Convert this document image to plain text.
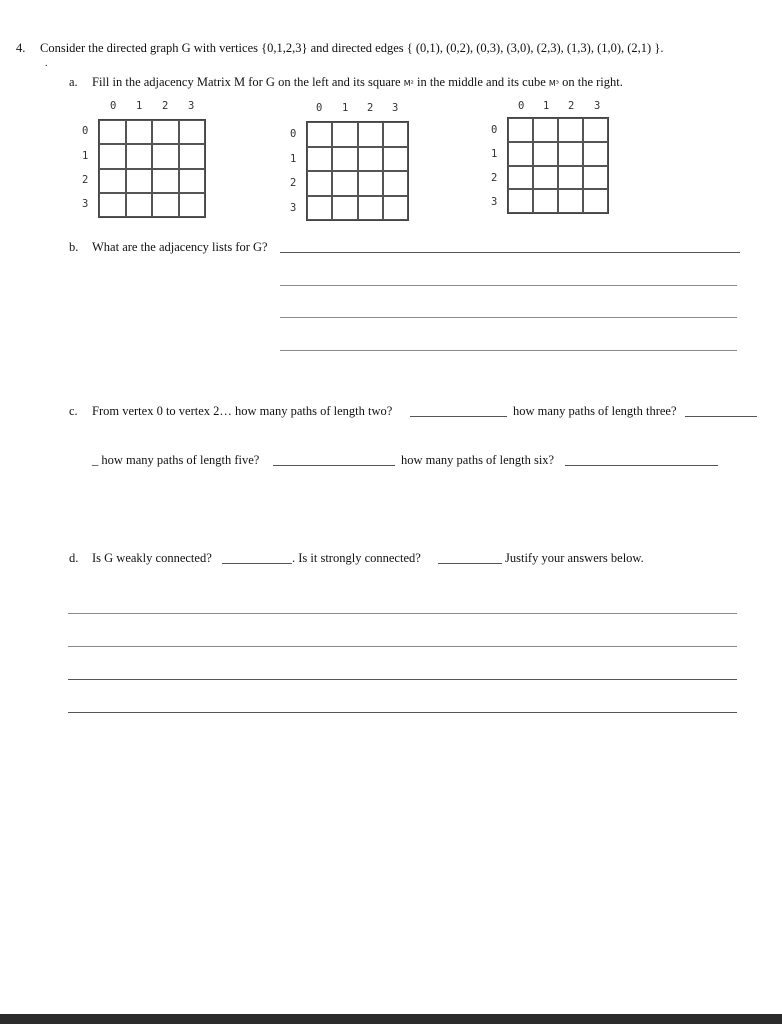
4. Consider the directed graph G with vertices {0,1,2,3} and directed edges { (0,1), (0,2), (0,3), (3,0), (2,3), (1,3), (1,0), (2,1) }.
.
a. Fill in the adjacency Matrix M for G on the left and its square M² in the middle and its cube M³ on the right.
0 1 2 3
0
1
2
3
0 1 2 3
0
1
2
3
0 1 2 3
0
1
2
3
b. What are the adjacency lists for G?
c. From vertex 0 to vertex 2… how many paths of length two?	how many paths of length three?
_ how many paths of length five?	how many paths of length six?
d. Is G weakly connected?	. Is it strongly connected?	Justify your answers below.
